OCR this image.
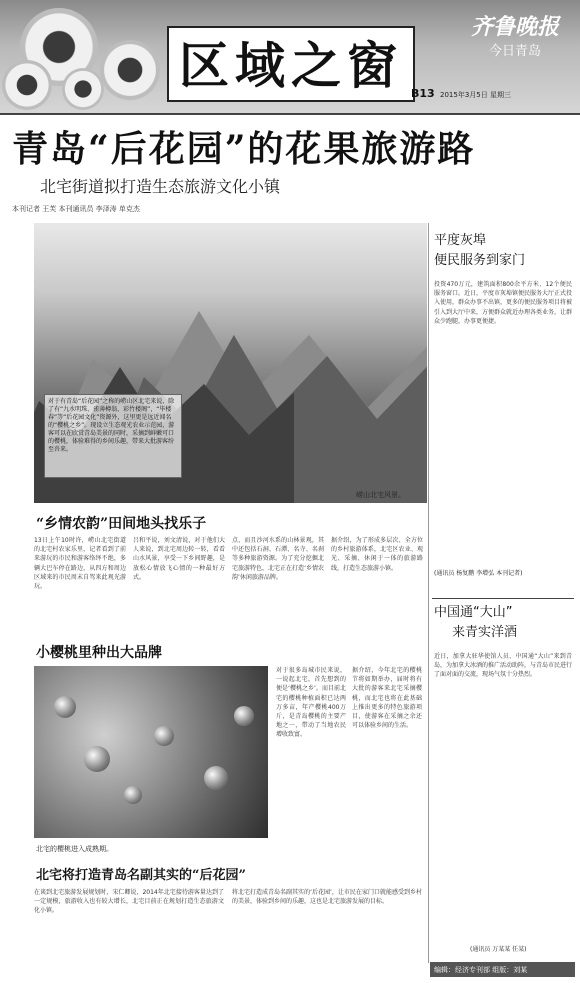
区域之窗
齐鲁晚报
今日青岛
B13 2015年3月5日 星期三
青岛“后花园”的花果旅游路
北宅街道拟打造生态旅游文化小镇
本刊记者 王芙 本刊通讯员 李泽涛 单克杰
对于有青岛“后花园”之称的崂山区北宅来说，除了有“九水明珠、雀薄樽翁、彩竹楼阁”，“毕楼春”等“后花园文化”资源外，这里更是远近闻名的“樱桃之乡”。现设立生态观光农业示范园，游客可以在欣赏青岛美景的同时，采摘到鲜嫩可口的樱桃，体验难得的乡间乐趣，带来大批游客纷至沓来。
崂山北宅风景。
“乡情农韵”田间地头找乐子
13日上午10时许，崂山北宅街道的北宅村农家乐里，记者看到了前来游玩的市民和游客络绎不绝，多辆大巴车停在路边，从四方和周边区域来的市民周末自驾来此观光游玩。
吕和平说，刘文清说，对于他们大人来说，到北宅周边转一转，看看山水风景，享受一下乡间野趣，是放松心情放飞心情的一种最好方式。
点、而且沙河水系的山林景观，其中还包括石洞、石潭、名寺、名刹等多种旅游资源。为了充分挖掘北宅旅游特色，北宅正在打造‘乡情农韵’休闲旅游品牌。
据介绍，为了形成多层次、全方位的乡村旅游体系，北宅区农业、观光、采摘、休闲于一体的旅游路线，打造生态旅游小镇。
小樱桃里种出大品牌
北宅的樱桃进入成熟期。
对于很多岛城市民来说，一说起北宅，首先想到的便是‘樱桃之乡’。而目前北宅的樱桃种植面积已达两万多亩，年产樱桃400万斤，是青岛樱桃的主要产地之一，带动了当地农民增收致富。
据介绍，今年北宅的樱桃节将如期举办，届时将有大批的游客来北宅采摘樱桃，而北宅也将在此基础上推出更多的特色旅游项目，使游客在采摘之余还可以体验乡间的生活。
北宅将打造青岛名副其实的“后花园”
在谈到北宅旅游发展规划时，宋仁卿说，2014年北宅接待游客量达到了一定规模，旅游收入也有较大增长，北宅目前正在规划打造生态旅游文化小镇。
将北宅打造成青岛名副其实的‘后花园’，让市民在家门口就能感受到乡村的美景，体验到乡间的乐趣，这也是北宅旅游发展的目标。
平度灰埠
便民服务到家门
投资470万元，建筑面积800余平方米、12个便民服务窗口。近日，平度市灰埠镇便民服务大厅正式投入使用，群众办事不出镇，更多的便民服务项目将被引入到大厅中来，方便群众就近办理各类业务，让群众少跑腿，办事更便捷。
(通讯员 杨复鹏 李增弘 本刊记者)
中国通“大山”
来青实洋酒
近日，加拿大驻华使馆人员、中国通“大山”来到青岛，为加拿大冰酒的推广活动助阵，与青岛市民进行了面对面的交流，现场气氛十分热烈。
(通讯员 万某某 任某)
编辑：经济专刊部 组版：刘某
